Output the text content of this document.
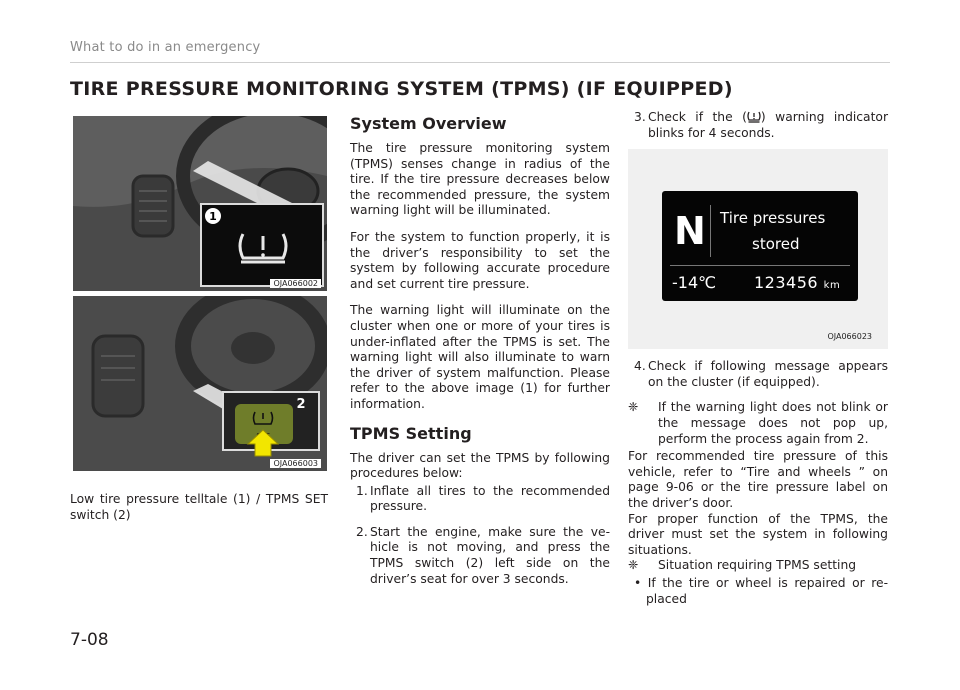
What to do in an emergency
TIRE PRESSURE MONITORING SYSTEM (TPMS) (IF EQUIPPED)
1
OJA066002
2
OJA066003
Low tire pressure telltale (1) / TPMS SET switch (2)
System Overview

The tire pressure monitoring system (TPMS) senses change in radius of the tire. If the tire pressure decreases below the recommended pressure, the system warning light will be illuminated.

For the system to function properly, it is the driver’s responsibility to set the system by following accurate procedure and set current tire pressure.

The warning light will illuminate on the cluster when one or more of your tires is under-inflated after the TPMS is set. The warning light will also illuminate to warn the driver of system malfunction. Please refer to the above image (1) for further information.

TPMS Setting

The driver can set the TPMS by following procedures below:

1. Inflate all tires to the recommended pressure.
2. Start the engine, make sure the vehicle is not moving, and press the TPMS switch (2) left side on the driver’s seat for over 3 seconds.
3. Check if the ( ) warning indicator blinks for 4 seconds.
N Tire pressures
stored
-14℃ 123456 km
OJA066023
4. Check if following message appears on the cluster (if equipped).
❈ If the warning light does not blink or the message does not pop up, perform the process again from 2.
For recommended tire pressure of this vehicle, refer to “Tire and wheels ” on page 9-06 or the tire pressure label on the driver’s door.
For proper function of the TPMS, the driver must set the system in following situations.
❈ Situation requiring TPMS setting
• If the tire or wheel is repaired or replaced
7-08
